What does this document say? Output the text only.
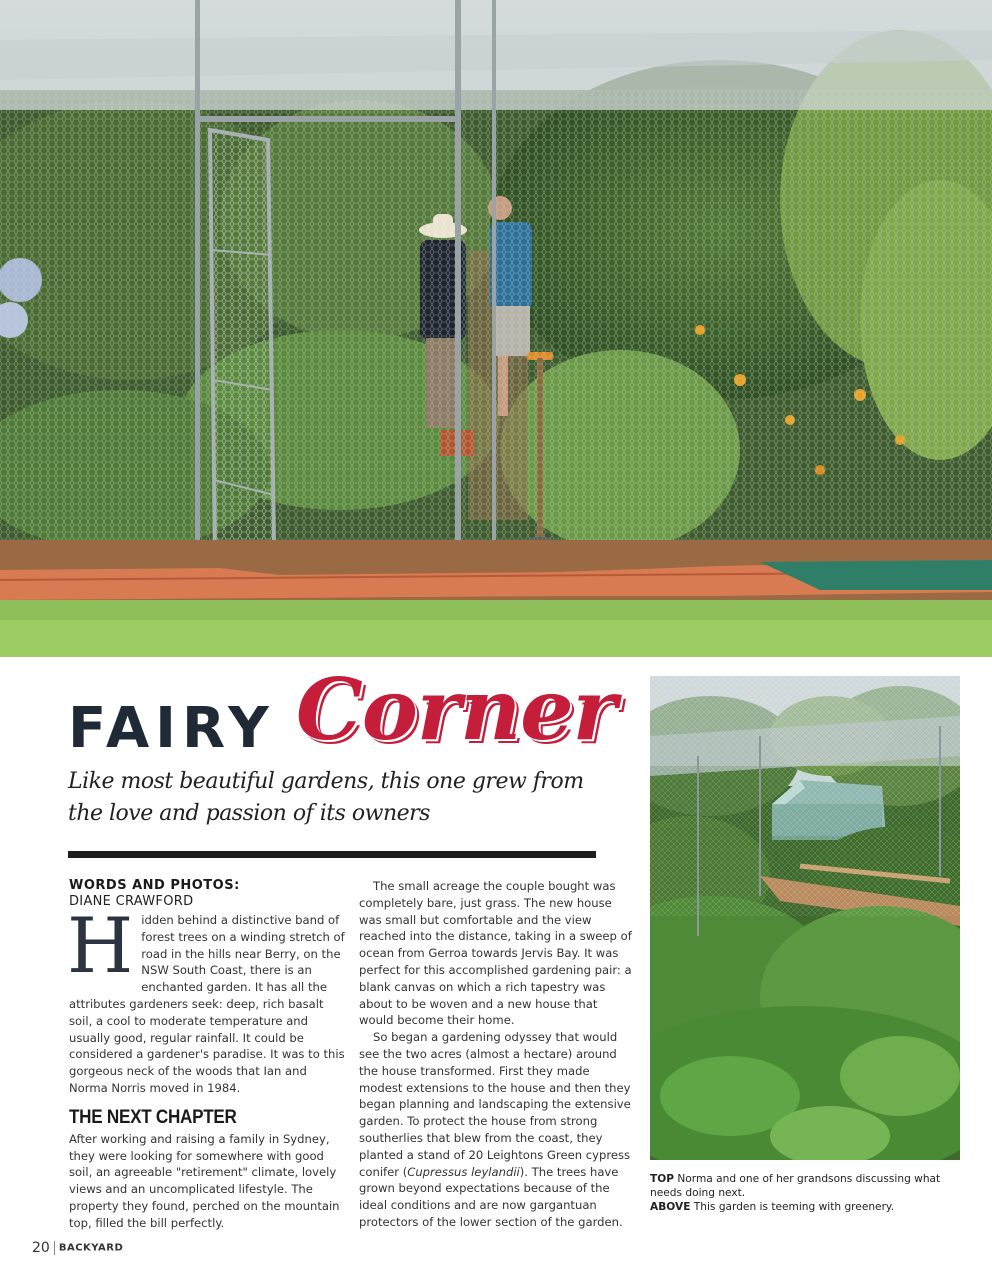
FAIRY Corner
Like most beautiful gardens, this one grew from the love and passion of its owners
WORDS AND PHOTOS:
DIANE CRAWFORD

Hidden behind a distinctive band of forest trees on a winding stretch of road in the hills near Berry, on the NSW South Coast, there is an enchanted garden. It has all the attributes gardeners seek: deep, rich basalt soil, a cool to moderate temperature and usually good, regular rainfall. It could be considered a gardener's paradise. It was to this gorgeous neck of the woods that Ian and Norma Norris moved in 1984.

THE NEXT CHAPTER

After working and raising a family in Sydney, they were looking for somewhere with good soil, an agreeable "retirement" climate, lovely views and an uncomplicated lifestyle. The property they found, perched on the mountain top, filled the bill perfectly.

The small acreage the couple bought was completely bare, just grass. The new house was small but comfortable and the view reached into the distance, taking in a sweep of ocean from Gerroa towards Jervis Bay. It was perfect for this accomplished gardening pair: a blank canvas on which a rich tapestry was about to be woven and a new house that would become their home.

So began a gardening odyssey that would see the two acres (almost a hectare) around the house transformed. First they made modest extensions to the house and then they began planning and landscaping the extensive garden. To protect the house from strong southerlies that blew from the coast, they planted a stand of 20 Leightons Green cypress conifer (Cupressus leylandii). The trees have grown beyond expectations because of the ideal conditions and are now gargantuan protectors of the lower section of the garden.

TOP Norma and one of her grandsons discussing what needs doing next.
ABOVE This garden is teeming with greenery.
20 BACKYARD
